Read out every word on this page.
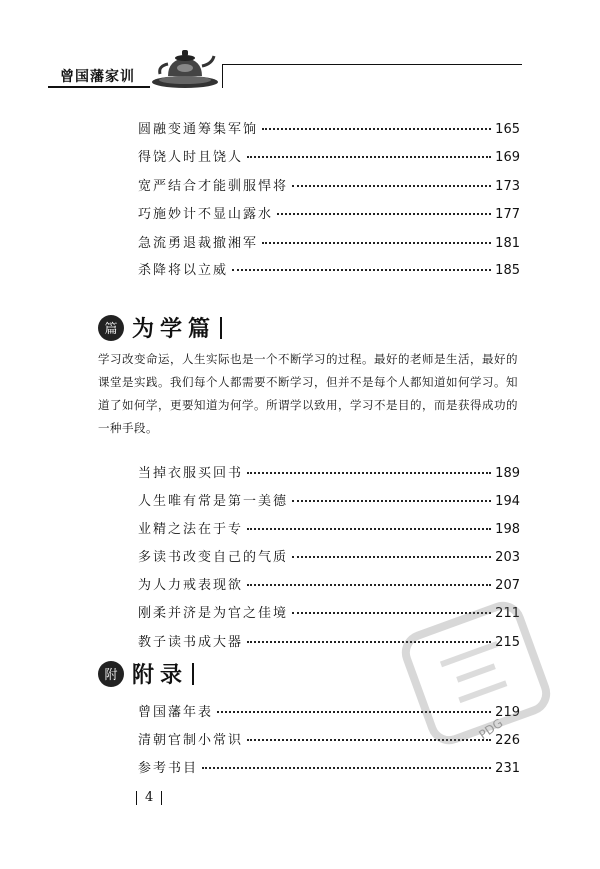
曾国藩家训
圆融变通筹集军饷	165
得饶人时且饶人	169
宽严结合才能驯服悍将	173
巧施妙计不显山露水	177
急流勇退裁撤湘军	181
杀降将以立威	185
篇 为学篇
学习改变命运，人生实际也是一个不断学习的过程。最好的老师是生活，最好的课堂是实践。我们每个人都需要不断学习，但并不是每个人都知道如何学习。知道了如何学，更要知道为何学。所谓学以致用，学习不是目的，而是获得成功的一种手段。
当掉衣服买回书	189
人生唯有常是第一美德	194
业精之法在于专	198
多读书改变自己的气质	203
为人力戒表现欲	207
刚柔并济是为官之佳境	211
教子读书成大器	215
附 附录
曾国藩年表	219
清朝官制小常识	226
参考书目	231
PDG
4
